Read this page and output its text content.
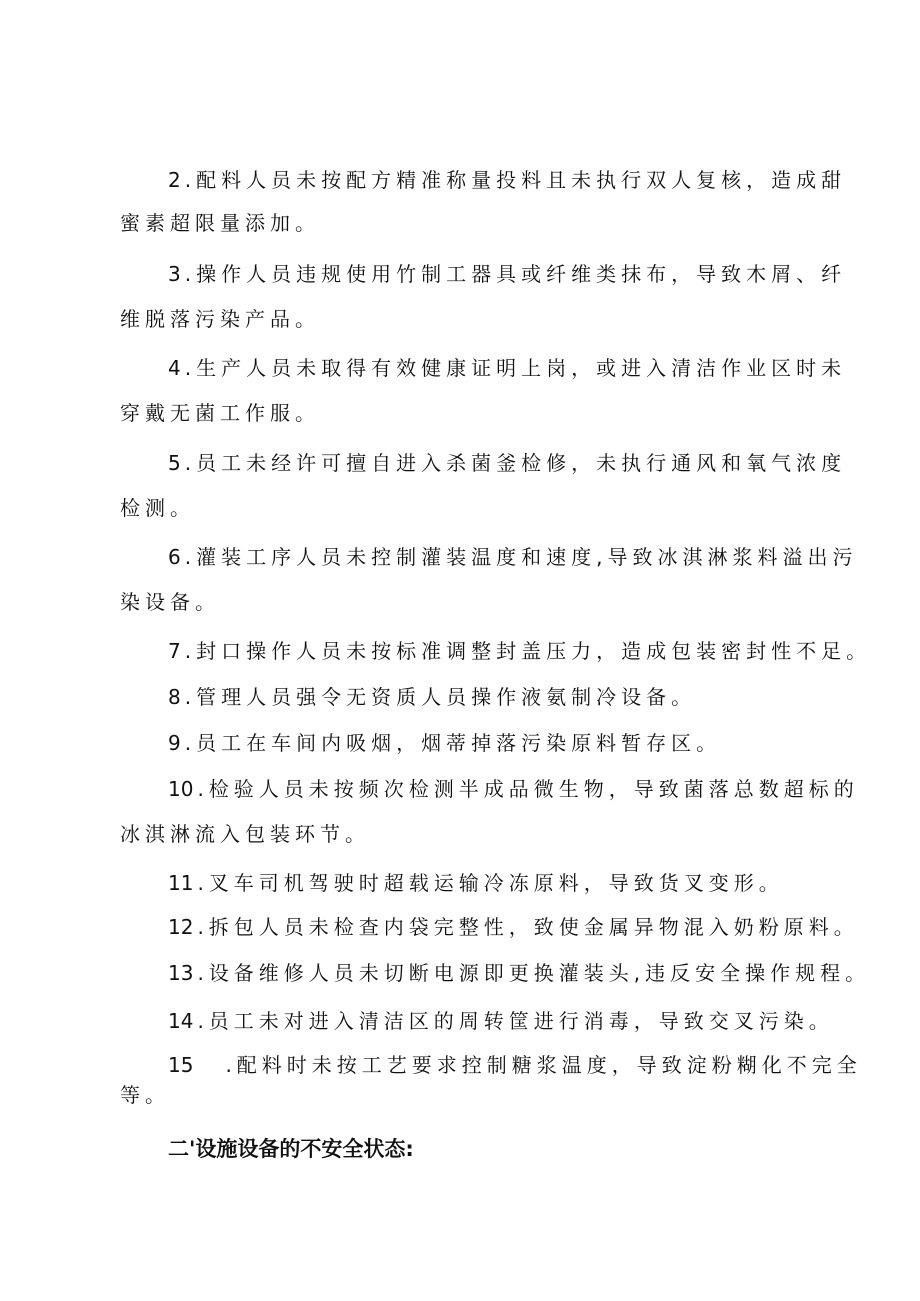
2 .配料人员未按配方精准称量投料且未执行双人复核，造成甜
蜜素超限量添加。
3 .操作人员违规使用竹制工器具或纤维类抹布，导致木屑、纤
维脱落污染产品。
4 .生产人员未取得有效健康证明上岗，或进入清洁作业区时未
穿戴无菌工作服。
5 .员工未经许可擅自进入杀菌釜检修，未执行通风和氧气浓度
检测。
6 .灌装工序人员未控制灌装温度和速度,导致冰淇淋浆料溢出污
染设备。
7 .封口操作人员未按标准调整封盖压力，造成包装密封性不足。
8 .管理人员强令无资质人员操作液氨制冷设备。
9 .员工在车间内吸烟，烟蒂掉落污染原料暂存区。
10 .检验人员未按频次检测半成品微生物，导致菌落总数超标的
冰淇淋流入包装环节。
11 .叉车司机驾驶时超载运输冷冻原料，导致货叉变形。
12 .拆包人员未检查内袋完整性，致使金属异物混入奶粉原料。
13 .设备维修人员未切断电源即更换灌装头,违反安全操作规程。
14 .员工未对进入清洁区的周转筐进行消毒，导致交叉污染。
15 .配料时未按工艺要求控制糖浆温度，导致淀粉糊化不完全
等。
二'设施设备的不安全状态:
